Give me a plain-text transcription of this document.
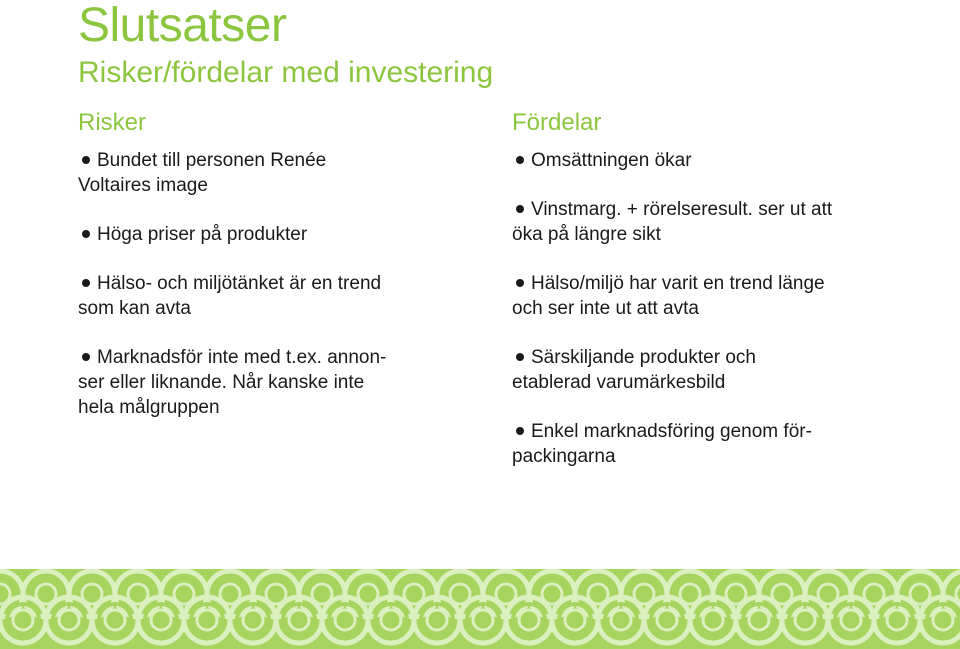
Slutsatser
Risker/fördelar med investering
Risker
Bundet till personen Renée
Voltaires image
Höga priser på produkter
Hälso- och miljötänket är en trend
som kan avta
Marknadsför inte med t.ex. annon-
ser eller liknande. Når kanske inte
hela målgruppen
Fördelar
Omsättningen ökar
Vinstmarg. + rörelseresult. ser ut att
öka på längre sikt
Hälso/miljö har varit en trend länge
och ser inte ut att avta
Särskiljande produkter och
etablerad varumärkesbild
Enkel marknadsföring genom för-
packingarna
